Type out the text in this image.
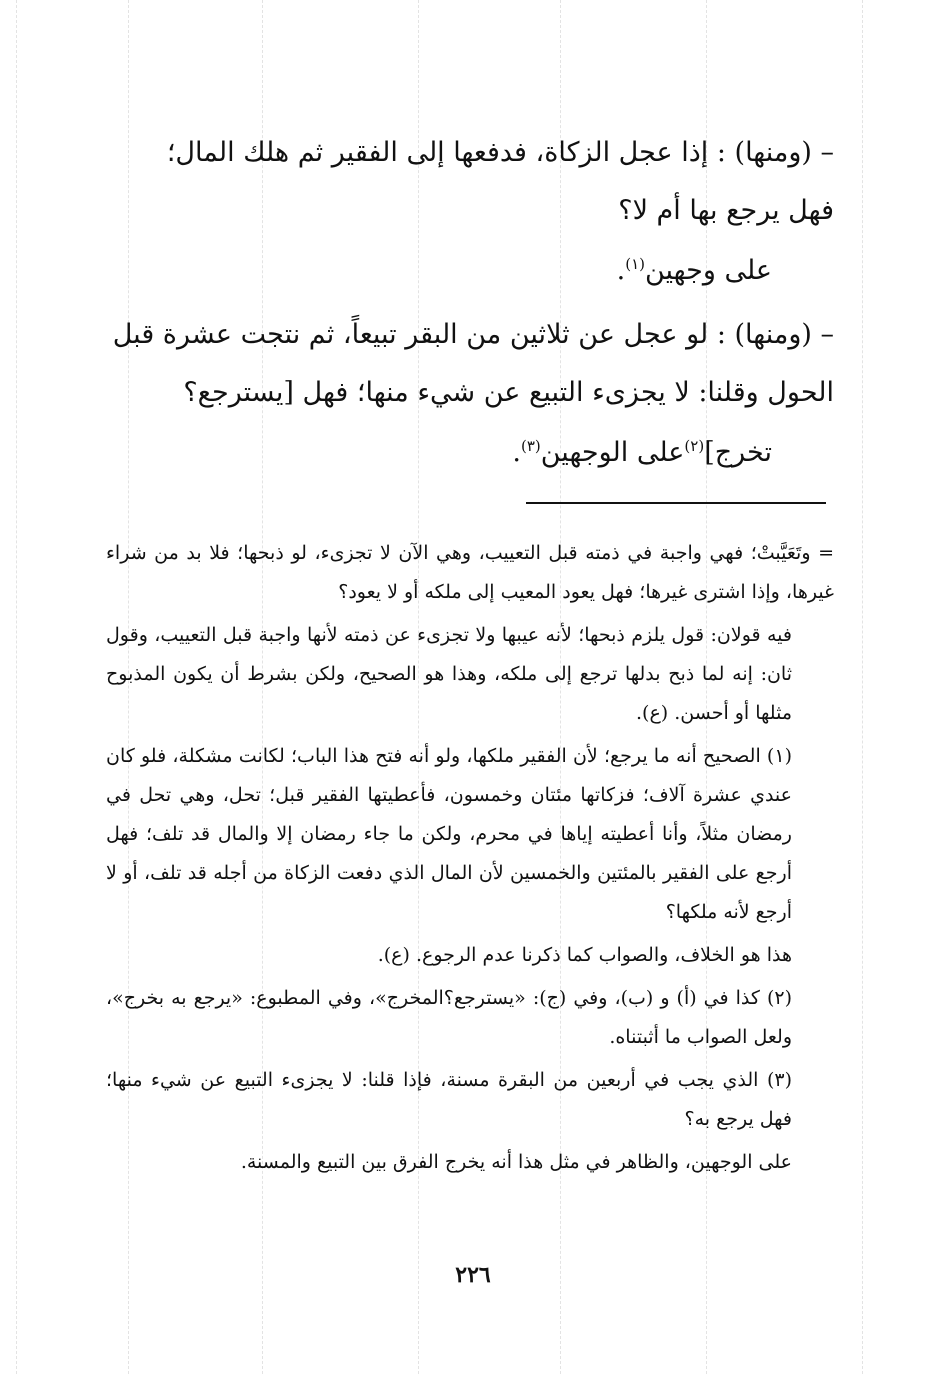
– (ومنها) : إذا عجل الزكاة، فدفعها إلى الفقير ثم هلك المال؛

فهل يرجع بها أم لا؟

على وجهين$^{(١)}$.

– (ومنها) : لو عجل عن ثلاثين من البقر تبيعاً، ثم نتجت عشرة قبل

الحول وقلنا: لا يجزىء التبيع عن شيء منها؛ فهل [يسترجع؟

تخرج]$^{(٢)}$على الوجهين$^{(٣)}$.

= وتَعَيَّبتْ؛ فهي واجبة في ذمته قبل التعييب، وهي الآن لا تجزىء، لو ذبحها؛ فلا بد من شراء غيرها، وإذا اشترى غيرها؛ فهل يعود المعيب إلى ملكه أو لا يعود؟

فيه قولان: قول يلزم ذبحها؛ لأنه عيبها ولا تجزىء عن ذمته لأنها واجبة قبل التعييب، وقول ثان: إنه لما ذبح بدلها ترجع إلى ملكه، وهذا هو الصحيح، ولكن بشرط أن يكون المذبوح مثلها أو أحسن. (ع).

(١) الصحيح أنه ما يرجع؛ لأن الفقير ملكها، ولو أنه فتح هذا الباب؛ لكانت مشكلة، فلو كان عندي عشرة آلاف؛ فزكاتها مئتان وخمسون، فأعطيتها الفقير قبل؛ تحل، وهي تحل في رمضان مثلاً، وأنا أعطيته إياها في محرم، ولكن ما جاء رمضان إلا والمال قد تلف؛ فهل أرجع على الفقير بالمئتين والخمسين لأن المال الذي دفعت الزكاة من أجله قد تلف، أو لا أرجع لأنه ملكها؟

هذا هو الخلاف، والصواب كما ذكرنا عدم الرجوع. (ع).

(٢) كذا في (أ) و (ب)، وفي (ج): «يسترجع؟المخرج»، وفي المطبوع: «يرجع به بخرج»، ولعل الصواب ما أثبتناه.

(٣) الذي يجب في أربعين من البقرة مسنة، فإذا قلنا: لا يجزىء التبيع عن شيء منها؛ فهل يرجع به؟

على الوجهين، والظاهر في مثل هذا أنه يخرج الفرق بين التبيع والمسنة.

٢٢٦
